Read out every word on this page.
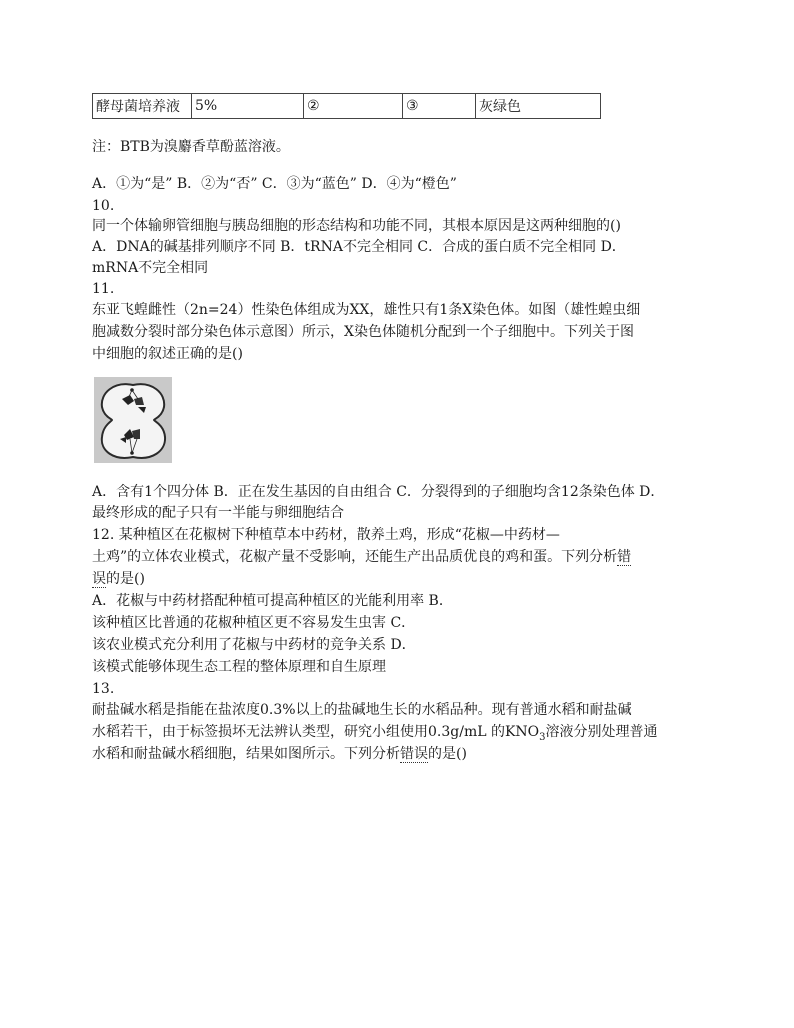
酵母菌培养液	5%	②	③	灰绿色
注：BTB为溴麝香草酚蓝溶液。
A．①为“是” B．②为“否” C．③为“蓝色” D．④为“橙色”
10.
同一个体输卵管细胞与胰岛细胞的形态结构和功能不同，其根本原因是这两种细胞的()
A．DNA的碱基排列顺序不同 B．tRNA不完全相同 C．合成的蛋白质不完全相同 D．
mRNA不完全相同
11.
东亚飞蝗雌性（2n=24）性染色体组成为XX，雄性只有1条X染色体。如图（雄性蝗虫细
胞减数分裂时部分染色体示意图）所示，X染色体随机分配到一个子细胞中。下列关于图
中细胞的叙述正确的是()
A．含有1个四分体 B．正在发生基因的自由组合 C．分裂得到的子细胞均含12条染色体 D．
最终形成的配子只有一半能与卵细胞结合
12. 某种植区在花椒树下种植草本中药材，散养土鸡，形成“花椒—中药材—
土鸡”的立体农业模式，花椒产量不受影响，还能生产出品质优良的鸡和蛋。下列分析错
误的是()
A．花椒与中药材搭配种植可提高种植区的光能利用率 B．
该种植区比普通的花椒种植区更不容易发生虫害 C．
该农业模式充分利用了花椒与中药材的竞争关系 D．
该模式能够体现生态工程的整体原理和自生原理
13.
耐盐碱水稻是指能在盐浓度0.3%以上的盐碱地生长的水稻品种。现有普通水稻和耐盐碱
水稻若干，由于标签损坏无法辨认类型，研究小组使用0.3g/mL 的$KNO_3$溶液分别处理普通
水稻和耐盐碱水稻细胞，结果如图所示。下列分析错误的是()
